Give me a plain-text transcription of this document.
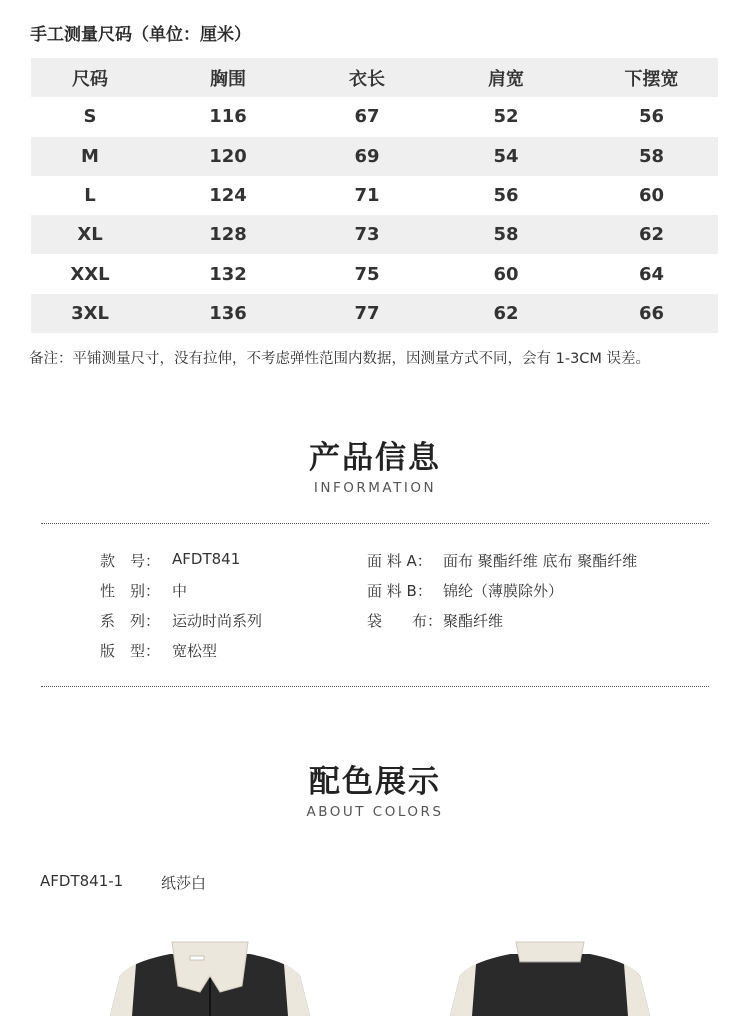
手工测量尺码（单位：厘米）
尺码	胸围	衣长	肩宽	下摆宽
S	116	67	52	56
M	120	69	54	58
L	124	71	56	60
XL	128	73	58	62
XXL	132	75	60	64
3XL	136	77	62	66
备注：平铺测量尺寸，没有拉伸，不考虑弹性范围内数据，因测量方式不同，会有 1-3CM 误差。
产品信息
INFORMATION
款　号： AFDT841
性　别： 中
系　列： 运动时尚系列
版　型： 宽松型
面 料 A： 面布 聚酯纤维 底布 聚酯纤维
面 料 B： 锦纶（薄膜除外）
袋　　布： 聚酯纤维
配色展示
ABOUT COLORS
AFDT841-1	纸莎白
